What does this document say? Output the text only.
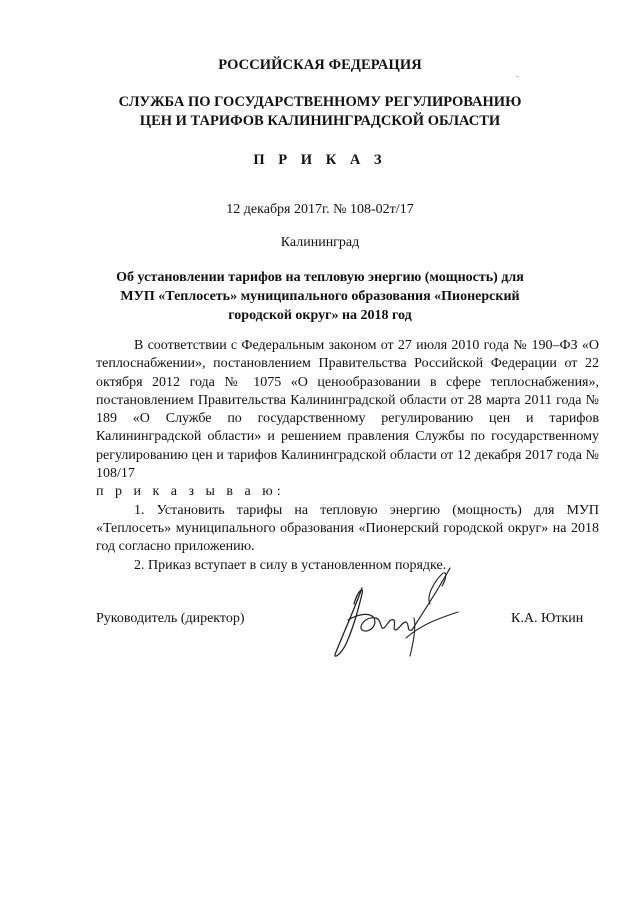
РОССИЙСКАЯ ФЕДЕРАЦИЯ
СЛУЖБА ПО ГОСУДАРСТВЕННОМУ РЕГУЛИРОВАНИЮ
ЦЕН И ТАРИФОВ КАЛИНИНГРАДСКОЙ ОБЛАСТИ
П Р И К А З
12 декабря 2017г. № 108-02т/17
Калининград
Об установлении тарифов на тепловую энергию (мощность) для
МУП «Теплосеть» муниципального образования «Пионерский
городской округ» на 2018 год

В соответствии с Федеральным законом от 27 июля 2010 года № 190–ФЗ «О теплоснабжении», постановлением Правительства Российской Федерации от 22 октября 2012 года № 1075 «О ценообразовании в сфере теплоснабжения», постановлением Правительства Калининградской области от 28 марта 2011 года № 189 «О Службе по государственному регулированию цен и тарифов Калининградской области» и решением правления Службы по государственному регулированию цен и тарифов Калининградской области от 12 декабря 2017 года № 108/17

п р и к а з ы в а ю:

1. Установить тарифы на тепловую энергию (мощность) для МУП «Теплосеть» муниципального образования «Пионерский городской округ» на 2018 год согласно приложению.

2. Приказ вступает в силу в установленном порядке.

Руководитель (директор)	К.А. Юткин
